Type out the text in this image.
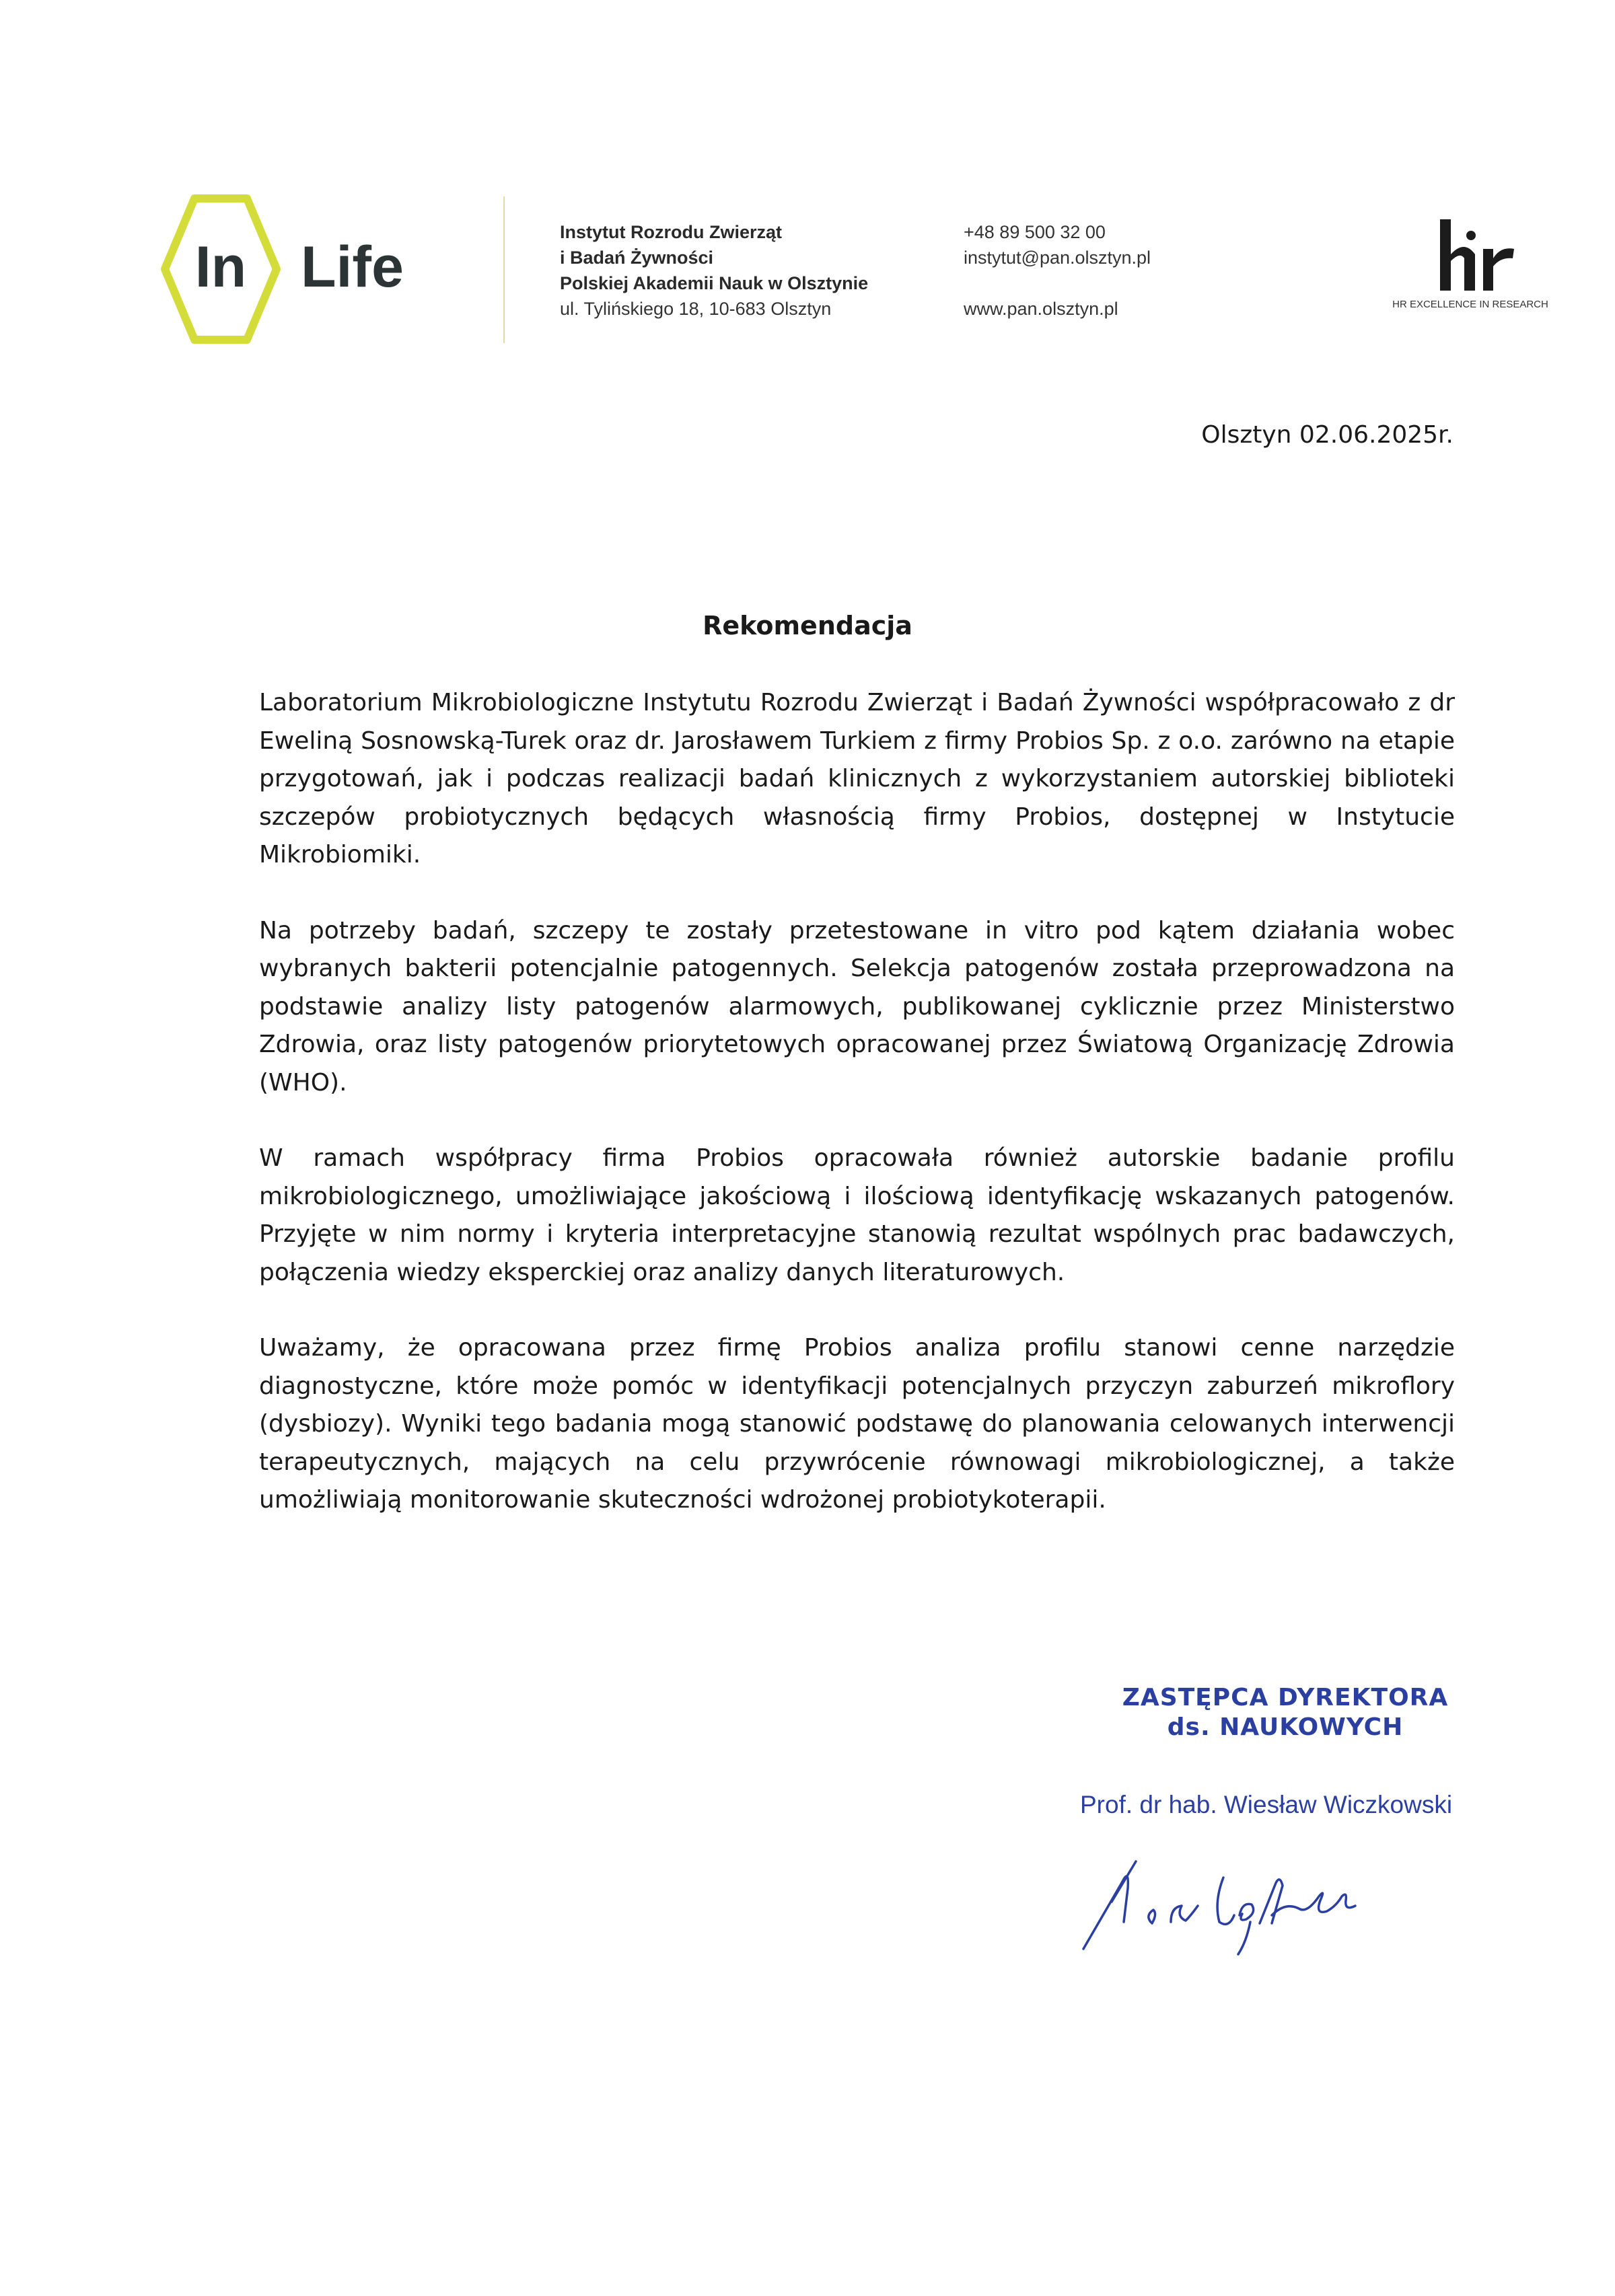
In Life
Instytut Rozrodu Zwierząt
i Badań Żywności
Polskiej Akademii Nauk w Olsztynie
ul. Tylińskiego 18, 10-683 Olsztyn
+48 89 500 32 00
instytut@pan.olsztyn.pl
www.pan.olsztyn.pl	HR EXCELLENCE IN RESEARCH
Olsztyn 02.06.2025r.
Rekomendacja

Laboratorium Mikrobiologiczne Instytutu Rozrodu Zwierząt i Badań Żywności współpracowało z dr Eweliną Sosnowską-Turek oraz dr. Jarosławem Turkiem z firmy Probios Sp. z o.o. zarówno na etapie przygotowań, jak i podczas realizacji badań klinicznych z wykorzystaniem autorskiej biblioteki szczepów probiotycznych będących własnością firmy Probios, dostępnej w Instytucie Mikrobiomiki.

Na potrzeby badań, szczepy te zostały przetestowane in vitro pod kątem działania wobec wybranych bakterii potencjalnie patogennych. Selekcja patogenów została przeprowadzona na podstawie analizy listy patogenów alarmowych, publikowanej cyklicznie przez Ministerstwo Zdrowia, oraz listy patogenów priorytetowych opracowanej przez Światową Organizację Zdrowia (WHO).

W ramach współpracy firma Probios opracowała również autorskie badanie profilu mikrobiologicznego, umożliwiające jakościową i ilościową identyfikację wskazanych patogenów. Przyjęte w nim normy i kryteria interpretacyjne stanowią rezultat wspólnych prac badawczych, połączenia wiedzy eksperckiej oraz analizy danych literaturowych.

Uważamy, że opracowana przez firmę Probios analiza profilu stanowi cenne narzędzie diagnostyczne, które może pomóc w identyfikacji potencjalnych przyczyn zaburzeń mikroflory (dysbiozy). Wyniki tego badania mogą stanowić podstawę do planowania celowanych interwencji terapeutycznych, mających na celu przywrócenie równowagi mikrobiologicznej, a także umożliwiają monitorowanie skuteczności wdrożonej probiotykoterapii.

ZASTĘPCA DYREKTORA
ds. NAUKOWYCH
Prof. dr hab. Wiesław Wiczkowski
